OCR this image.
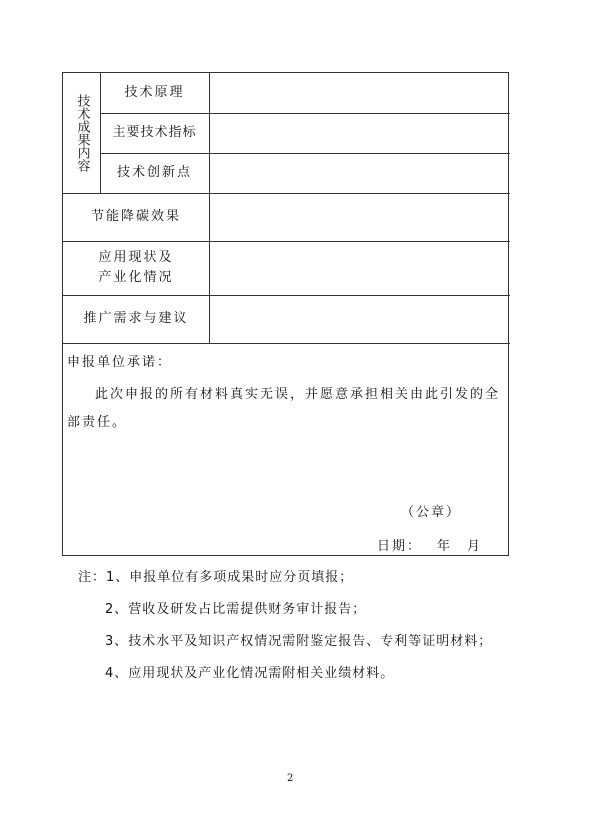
技术成果内容
技术原理
主要技术指标
技术创新点
节能降碳效果
应用现状及
产业化情况
推广需求与建议
申报单位承诺：
此次申报的所有材料真实无误，并愿意承担相关由此引发的全部责任。
（公章）
日期： 年 月
注：1、申报单位有多项成果时应分页填报；
2、营收及研发占比需提供财务审计报告；
3、技术水平及知识产权情况需附鉴定报告、专利等证明材料；
4、应用现状及产业化情况需附相关业绩材料。
2
